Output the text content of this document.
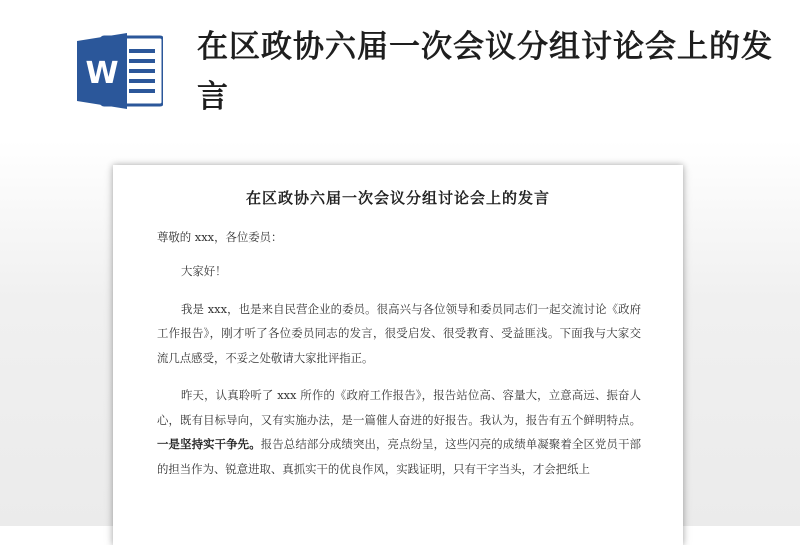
W
在区政协六届一次会议分组讨论会上的发言
在区政协六届一次会议分组讨论会上的发言

尊敬的 xxx，各位委员：

大家好！

我是 xxx，也是来自民营企业的委员。很高兴与各位领导和委员同志们一起交流讨论《政府工作报告》，刚才听了各位委员同志的发言，很受启发、很受教育、受益匪浅。下面我与大家交流几点感受，不妥之处敬请大家批评指正。

昨天，认真聆听了 xxx 所作的《政府工作报告》，报告站位高、容量大，立意高远、振奋人心，既有目标导向，又有实施办法，是一篇催人奋进的好报告。我认为，报告有五个鲜明特点。一是坚持实干争先。报告总结部分成绩突出，亮点纷呈，这些闪亮的成绩单凝聚着全区党员干部的担当作为、锐意进取、真抓实干的优良作风，实践证明，只有干字当头，才会把纸上
